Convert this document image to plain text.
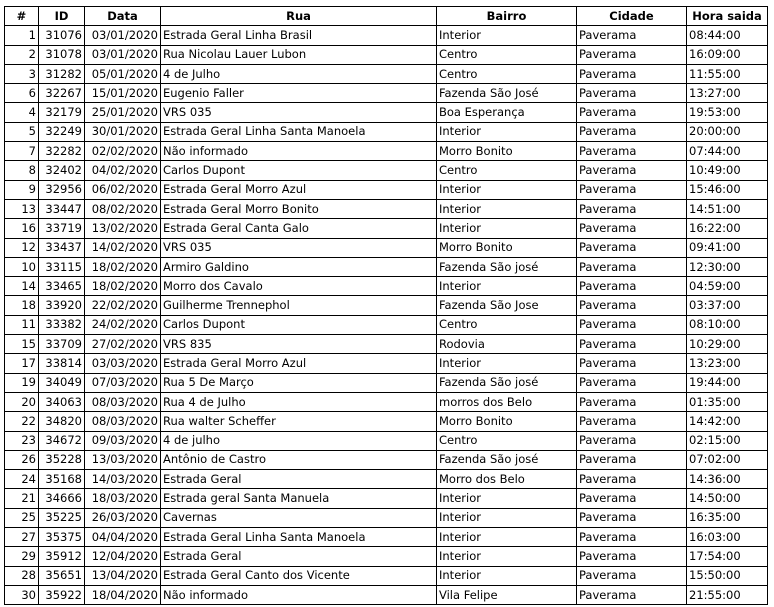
#	ID	Data	Rua	Bairro	Cidade	Hora saida
1	31076	03/01/2020	Estrada Geral Linha Brasil	Interior	Paverama	08:44:00
2	31078	03/01/2020	Rua Nicolau Lauer Lubon	Centro	Paverama	16:09:00
3	31282	05/01/2020	4 de Julho	Centro	Paverama	11:55:00
6	32267	15/01/2020	Eugenio Faller	Fazenda São José	Paverama	13:27:00
4	32179	25/01/2020	VRS 035	Boa Esperança	Paverama	19:53:00
5	32249	30/01/2020	Estrada Geral Linha Santa Manoela	Interior	Paverama	20:00:00
7	32282	02/02/2020	Não informado	Morro Bonito	Paverama	07:44:00
8	32402	04/02/2020	Carlos Dupont	Centro	Paverama	10:49:00
9	32956	06/02/2020	Estrada Geral Morro Azul	Interior	Paverama	15:46:00
13	33447	08/02/2020	Estrada Geral Morro Bonito	Interior	Paverama	14:51:00
16	33719	13/02/2020	Estrada Geral Canta Galo	Interior	Paverama	16:22:00
12	33437	14/02/2020	VRS 035	Morro Bonito	Paverama	09:41:00
10	33115	18/02/2020	Armiro Galdino	Fazenda São josé	Paverama	12:30:00
14	33465	18/02/2020	Morro dos Cavalo	Interior	Paverama	04:59:00
18	33920	22/02/2020	Guilherme Trennephol	Fazenda São Jose	Paverama	03:37:00
11	33382	24/02/2020	Carlos Dupont	Centro	Paverama	08:10:00
15	33709	27/02/2020	VRS 835	Rodovia	Paverama	10:29:00
17	33814	03/03/2020	Estrada Geral Morro Azul	Interior	Paverama	13:23:00
19	34049	07/03/2020	Rua 5 De Março	Fazenda São josé	Paverama	19:44:00
20	34063	08/03/2020	Rua 4 de Julho	morros dos Belo	Paverama	01:35:00
22	34820	08/03/2020	Rua walter Scheffer	Morro Bonito	Paverama	14:42:00
23	34672	09/03/2020	4 de julho	Centro	Paverama	02:15:00
26	35228	13/03/2020	Antônio de Castro	Fazenda São josé	Paverama	07:02:00
24	35168	14/03/2020	Estrada Geral	Morro dos Belo	Paverama	14:36:00
21	34666	18/03/2020	Estrada geral Santa Manuela	Interior	Paverama	14:50:00
25	35225	26/03/2020	Cavernas	Interior	Paverama	16:35:00
27	35375	04/04/2020	Estrada Geral Linha Santa Manoela	Interior	Paverama	16:03:00
29	35912	12/04/2020	Estrada Geral	Interior	Paverama	17:54:00
28	35651	13/04/2020	Estrada Geral Canto dos Vicente	Interior	Paverama	15:50:00
30	35922	18/04/2020	Não informado	Vila Felipe	Paverama	21:55:00
